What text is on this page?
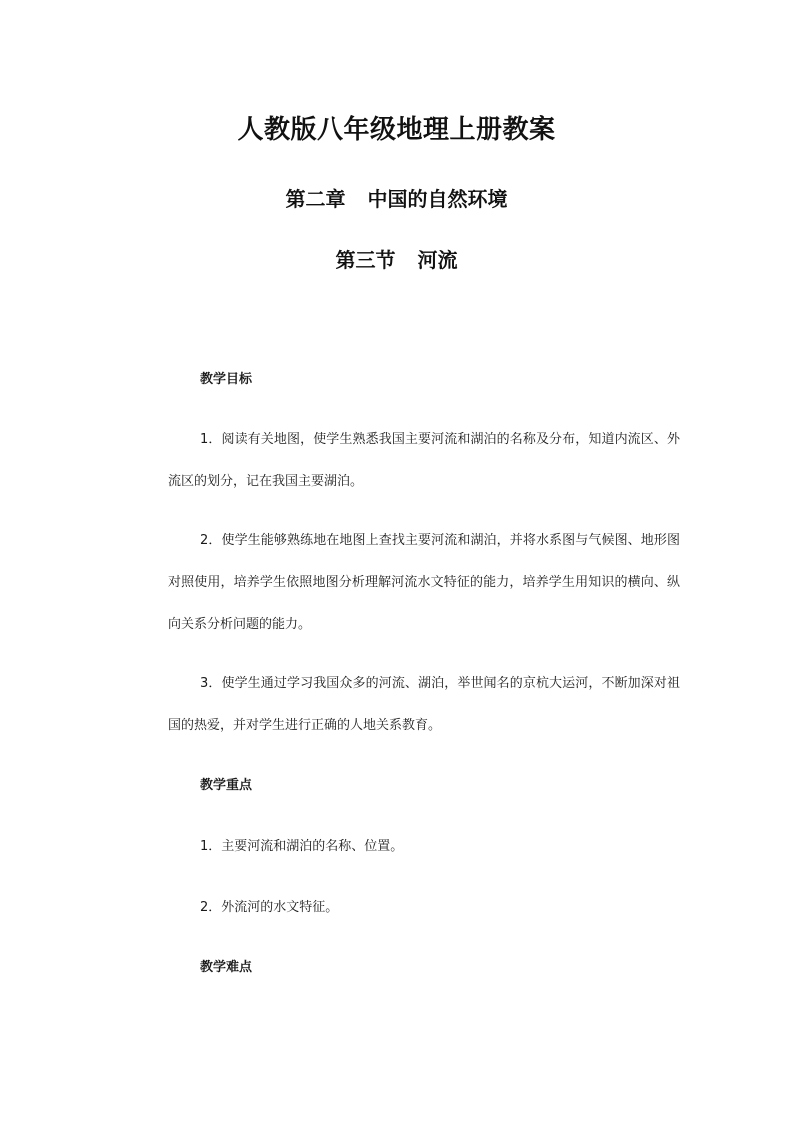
人教版八年级地理上册教案
第二章 中国的自然环境
第三节 河流

教学目标

1．阅读有关地图，使学生熟悉我国主要河流和湖泊的名称及分布，知道内流区、外流区的划分，记在我国主要湖泊。

2．使学生能够熟练地在地图上查找主要河流和湖泊，并将水系图与气候图、地形图对照使用，培养学生依照地图分析理解河流水文特征的能力，培养学生用知识的横向、纵向关系分析问题的能力。

3．使学生通过学习我国众多的河流、湖泊，举世闻名的京杭大运河，不断加深对祖国的热爱，并对学生进行正确的人地关系教育。

教学重点

1．主要河流和湖泊的名称、位置。

2．外流河的水文特征。

教学难点
